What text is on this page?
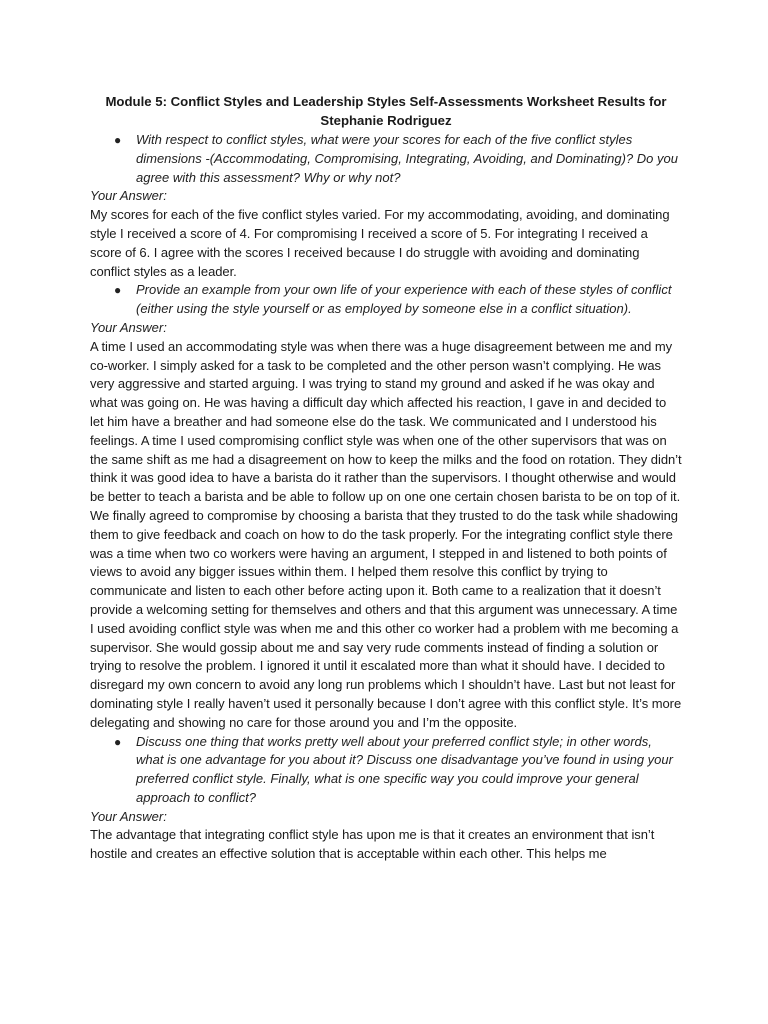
Module 5: Conflict Styles and Leadership Styles Self-Assessments Worksheet Results for
Stephanie Rodriguez

● With respect to conflict styles, what were your scores for each of the five conflict styles dimensions -(Accommodating, Compromising, Integrating, Avoiding, and Dominating)? Do you agree with this assessment? Why or why not?

Your Answer:

My scores for each of the five conflict styles varied. For my accommodating, avoiding, and dominating style I received a score of 4. For compromising I received a score of 5. For integrating I received a score of 6. I agree with the scores I received because I do struggle with avoiding and dominating conflict styles as a leader.

● Provide an example from your own life of your experience with each of these styles of conflict (either using the style yourself or as employed by someone else in a conflict situation).

Your Answer:

A time I used an accommodating style was when there was a huge disagreement between me and my co-worker. I simply asked for a task to be completed and the other person wasn’t complying. He was very aggressive and started arguing. I was trying to stand my ground and asked if he was okay and what was going on. He was having a difficult day which affected his reaction, I gave in and decided to let him have a breather and had someone else do the task. We communicated and I understood his feelings. A time I used compromising conflict style was when one of the other supervisors that was on the same shift as me had a disagreement on how to keep the milks and the food on rotation. They didn’t think it was good idea to have a barista do it rather than the supervisors. I thought otherwise and would be better to teach a barista and be able to follow up on one one certain chosen barista to be on top of it. We finally agreed to compromise by choosing a barista that they trusted to do the task while shadowing them to give feedback and coach on how to do the task properly. For the integrating conflict style there was a time when two co workers were having an argument, I stepped in and listened to both points of views to avoid any bigger issues within them. I helped them resolve this conflict by trying to communicate and listen to each other before acting upon it. Both came to a realization that it doesn’t provide a welcoming setting for themselves and others and that this argument was unnecessary. A time I used avoiding conflict style was when me and this other co worker had a problem with me becoming a supervisor. She would gossip about me and say very rude comments instead of finding a solution or trying to resolve the problem. I ignored it until it escalated more than what it should have. I decided to disregard my own concern to avoid any long run problems which I shouldn’t have. Last but not least for dominating style I really haven’t used it personally because I don’t agree with this conflict style. It’s more delegating and showing no care for those around you and I’m the opposite.

● Discuss one thing that works pretty well about your preferred conflict style; in other words, what is one advantage for you about it? Discuss one disadvantage you’ve found in using your preferred conflict style. Finally, what is one specific way you could improve your general approach to conflict?

Your Answer:

The advantage that integrating conflict style has upon me is that it creates an environment that isn’t hostile and creates an effective solution that is acceptable within each other. This helps me
